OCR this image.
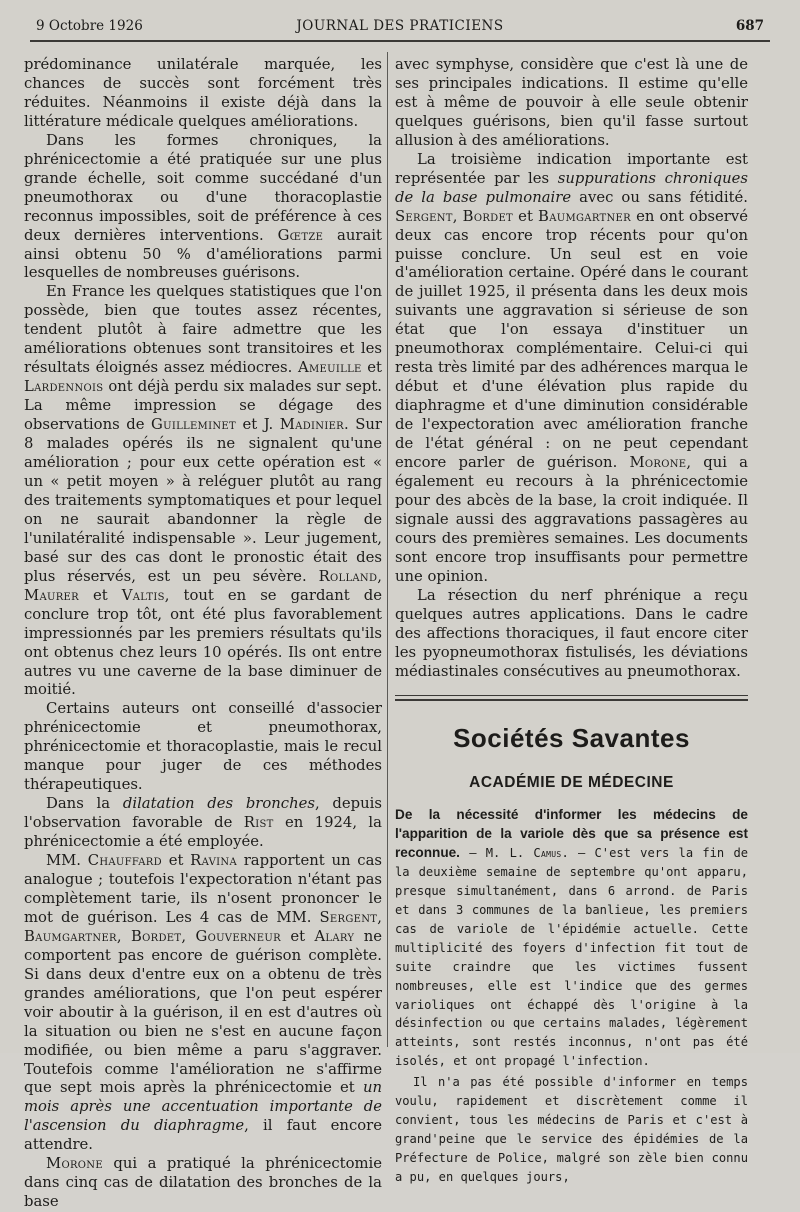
9 Octobre 1926	JOURNAL DES PRATICIENS	687

prédominance unilatérale marquée, les chances de succès sont forcément très réduites. Néanmoins il existe déjà dans la littérature médicale quelques améliorations.

Dans les formes chroniques, la phrénicectomie a été pratiquée sur une plus grande échelle, soit comme succédané d'un pneumothorax ou d'une thoracoplastie reconnus impossibles, soit de préférence à ces deux dernières interventions. Gœtze aurait ainsi obtenu 50 % d'améliorations parmi lesquelles de nombreuses guérisons.

En France les quelques statistiques que l'on possède, bien que toutes assez récentes, tendent plutôt à faire admettre que les améliorations obtenues sont transitoires et les résultats éloignés assez médiocres. Ameuille et Lardennois ont déjà perdu six malades sur sept. La même impression se dégage des observations de Guilleminet et J. Madinier. Sur 8 malades opérés ils ne signalent qu'une amélioration ; pour eux cette opération est « un « petit moyen » à reléguer plutôt au rang des traitements symptomatiques et pour lequel on ne saurait abandonner la règle de l'unilatéralité indispensable ». Leur jugement, basé sur des cas dont le pronostic était des plus réservés, est un peu sévère. Rolland, Maurer et Valtis, tout en se gardant de conclure trop tôt, ont été plus favorablement impressionnés par les premiers résultats qu'ils ont obtenus chez leurs 10 opérés. Ils ont entre autres vu une caverne de la base diminuer de moitié.

Certains auteurs ont conseillé d'associer phrénicectomie et pneumothorax, phrénicectomie et thoracoplastie, mais le recul manque pour juger de ces méthodes thérapeutiques.

Dans la dilatation des bronches, depuis l'observation favorable de Rist en 1924, la phrénicectomie a été employée.

MM. Chauffard et Ravina rapportent un cas analogue ; toutefois l'expectoration n'étant pas complètement tarie, ils n'osent prononcer le mot de guérison. Les 4 cas de MM. Sergent, Baumgartner, Bordet, Gouverneur et Alary ne comportent pas encore de guérison complète. Si dans deux d'entre eux on a obtenu de très grandes améliorations, que l'on peut espérer voir aboutir à la guérison, il en est d'autres où la situation ou bien ne s'est en aucune façon modifiée, ou bien même a paru s'aggraver. Toutefois comme l'amélioration ne s'affirme que sept mois après la phrénicectomie et un mois après une accentuation importante de l'ascension du diaphragme, il faut encore attendre.

Morone qui a pratiqué la phrénicectomie dans cinq cas de dilatation des bronches de la base

avec symphyse, considère que c'est là une de ses principales indications. Il estime qu'elle est à même de pouvoir à elle seule obtenir quelques guérisons, bien qu'il fasse surtout allusion à des améliorations.

La troisième indication importante est représentée par les suppurations chroniques de la base pulmonaire avec ou sans fétidité. Sergent, Bordet et Baumgartner en ont observé deux cas encore trop récents pour qu'on puisse conclure. Un seul est en voie d'amélioration certaine. Opéré dans le courant de juillet 1925, il présenta dans les deux mois suivants une aggravation si sérieuse de son état que l'on essaya d'instituer un pneumothorax complémentaire. Celui-ci qui resta très limité par des adhérences marqua le début et d'une élévation plus rapide du diaphragme et d'une diminution considérable de l'expectoration avec amélioration franche de l'état général : on ne peut cependant encore parler de guérison. Morone, qui a également eu recours à la phrénicectomie pour des abcès de la base, la croit indiquée. Il signale aussi des aggravations passagères au cours des premières semaines. Les documents sont encore trop insuffisants pour permettre une opinion.

La résection du nerf phrénique a reçu quelques autres applications. Dans le cadre des affections thoraciques, il faut encore citer les pyopneumothorax fistulisés, les déviations médiastinales consécutives au pneumothorax.

Sociétés Savantes
ACADÉMIE DE MÉDECINE

De la nécessité d'informer les médecins de l'apparition de la variole dès que sa présence est reconnue. — M. L. Camus. — C'est vers la fin de la deuxième semaine de septembre qu'ont apparu, presque simultanément, dans 6 arrond. de Paris et dans 3 communes de la banlieue, les premiers cas de variole de l'épidémie actuelle. Cette multiplicité des foyers d'infection fit tout de suite craindre que les victimes fussent nombreuses, elle est l'indice que des germes varioliques ont échappé dès l'origine à la désinfection ou que certains malades, légèrement atteints, sont restés inconnus, n'ont pas été isolés, et ont propagé l'infection.

Il n'a pas été possible d'informer en temps voulu, rapidement et discrètement comme il convient, tous les médecins de Paris et c'est à grand'peine que le service des épidémies de la Préfecture de Police, malgré son zèle bien connu a pu, en quelques jours,
